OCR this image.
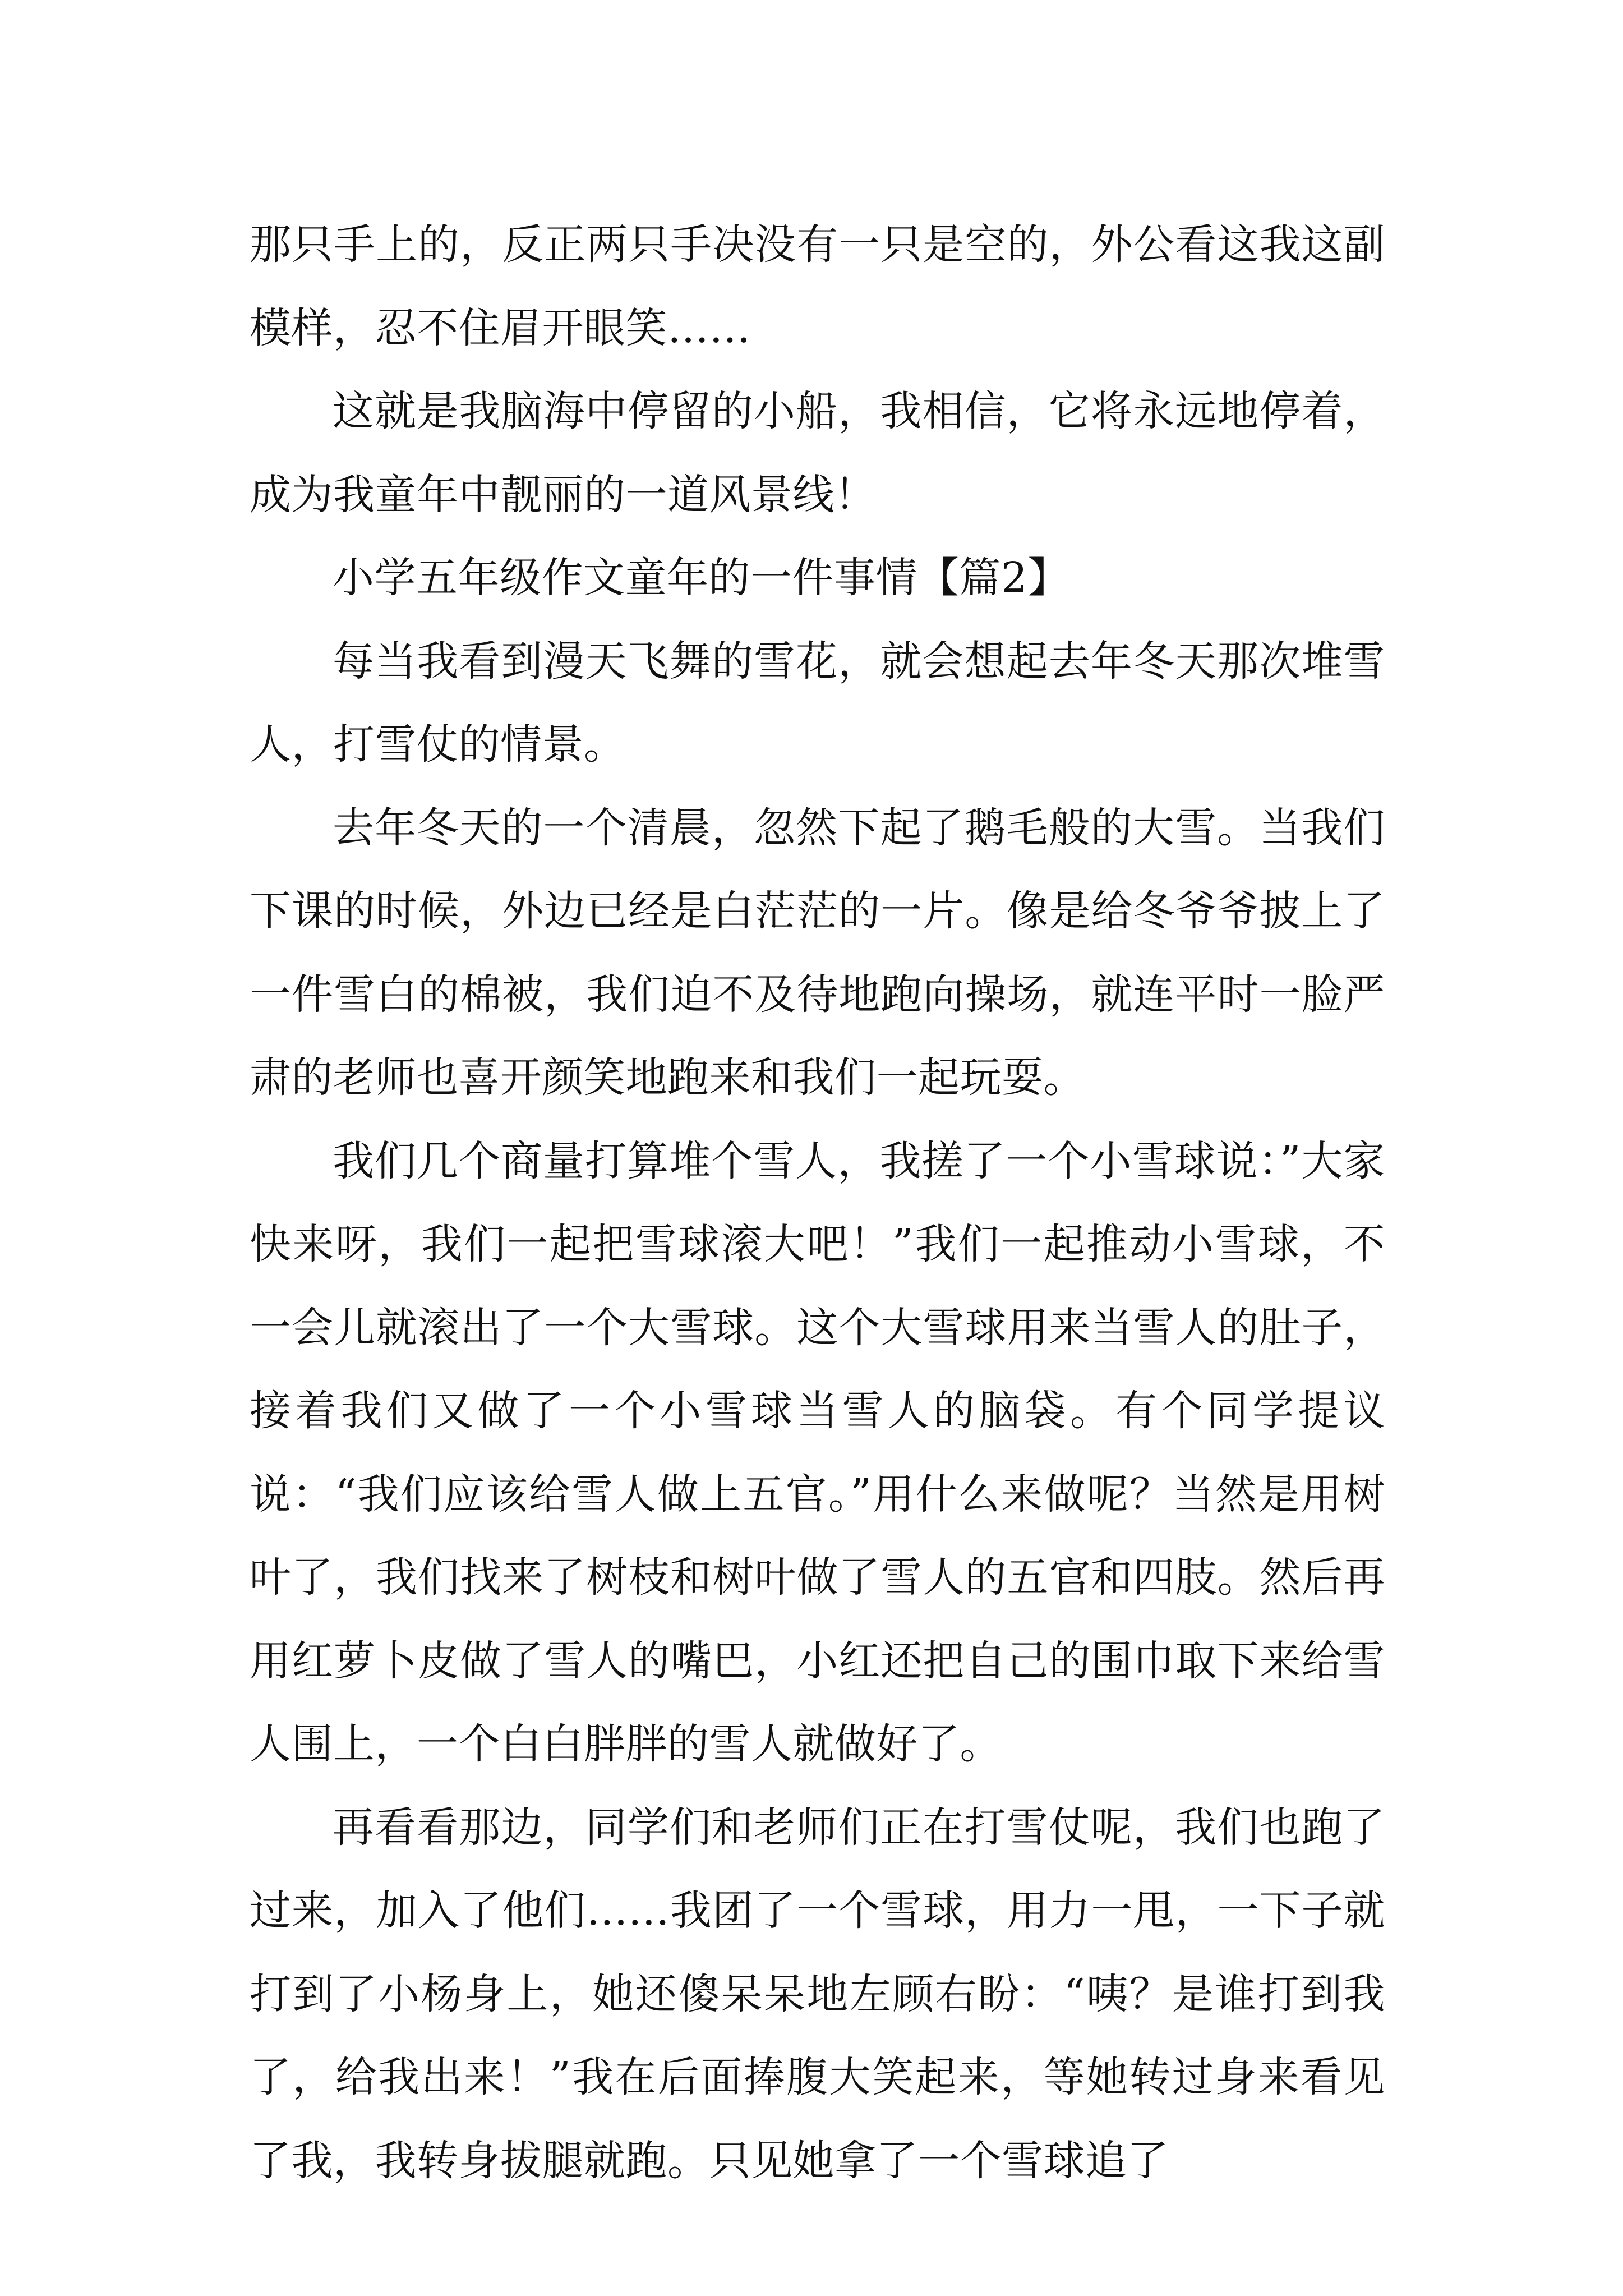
那只手上的，反正两只手决没有一只是空的，外公看这我这副模样，忍不住眉开眼笑……

这就是我脑海中停留的小船，我相信，它将永远地停着，成为我童年中靓丽的一道风景线！

小学五年级作文童年的一件事情【篇2】

每当我看到漫天飞舞的雪花，就会想起去年冬天那次堆雪人，打雪仗的情景。

去年冬天的一个清晨，忽然下起了鹅毛般的大雪。当我们下课的时候，外边已经是白茫茫的一片。像是给冬爷爷披上了一件雪白的棉被，我们迫不及待地跑向操场，就连平时一脸严肃的老师也喜开颜笑地跑来和我们一起玩耍。

我们几个商量打算堆个雪人，我搓了一个小雪球说：”大家快来呀，我们一起把雪球滚大吧！”我们一起推动小雪球，不一会儿就滚出了一个大雪球。这个大雪球用来当雪人的肚子，接着我们又做了一个小雪球当雪人的脑袋。有个同学提议说：“我们应该给雪人做上五官。”用什么来做呢？当然是用树叶了，我们找来了树枝和树叶做了雪人的五官和四肢。然后再用红萝卜皮做了雪人的嘴巴，小红还把自己的围巾取下来给雪人围上，一个白白胖胖的雪人就做好了。

再看看那边，同学们和老师们正在打雪仗呢，我们也跑了过来，加入了他们……我团了一个雪球，用力一甩，一下子就打到了小杨身上，她还傻呆呆地左顾右盼：“咦？是谁打到我了，给我出来！”我在后面捧腹大笑起来，等她转过身来看见了我，我转身拔腿就跑。只见她拿了一个雪球追了
